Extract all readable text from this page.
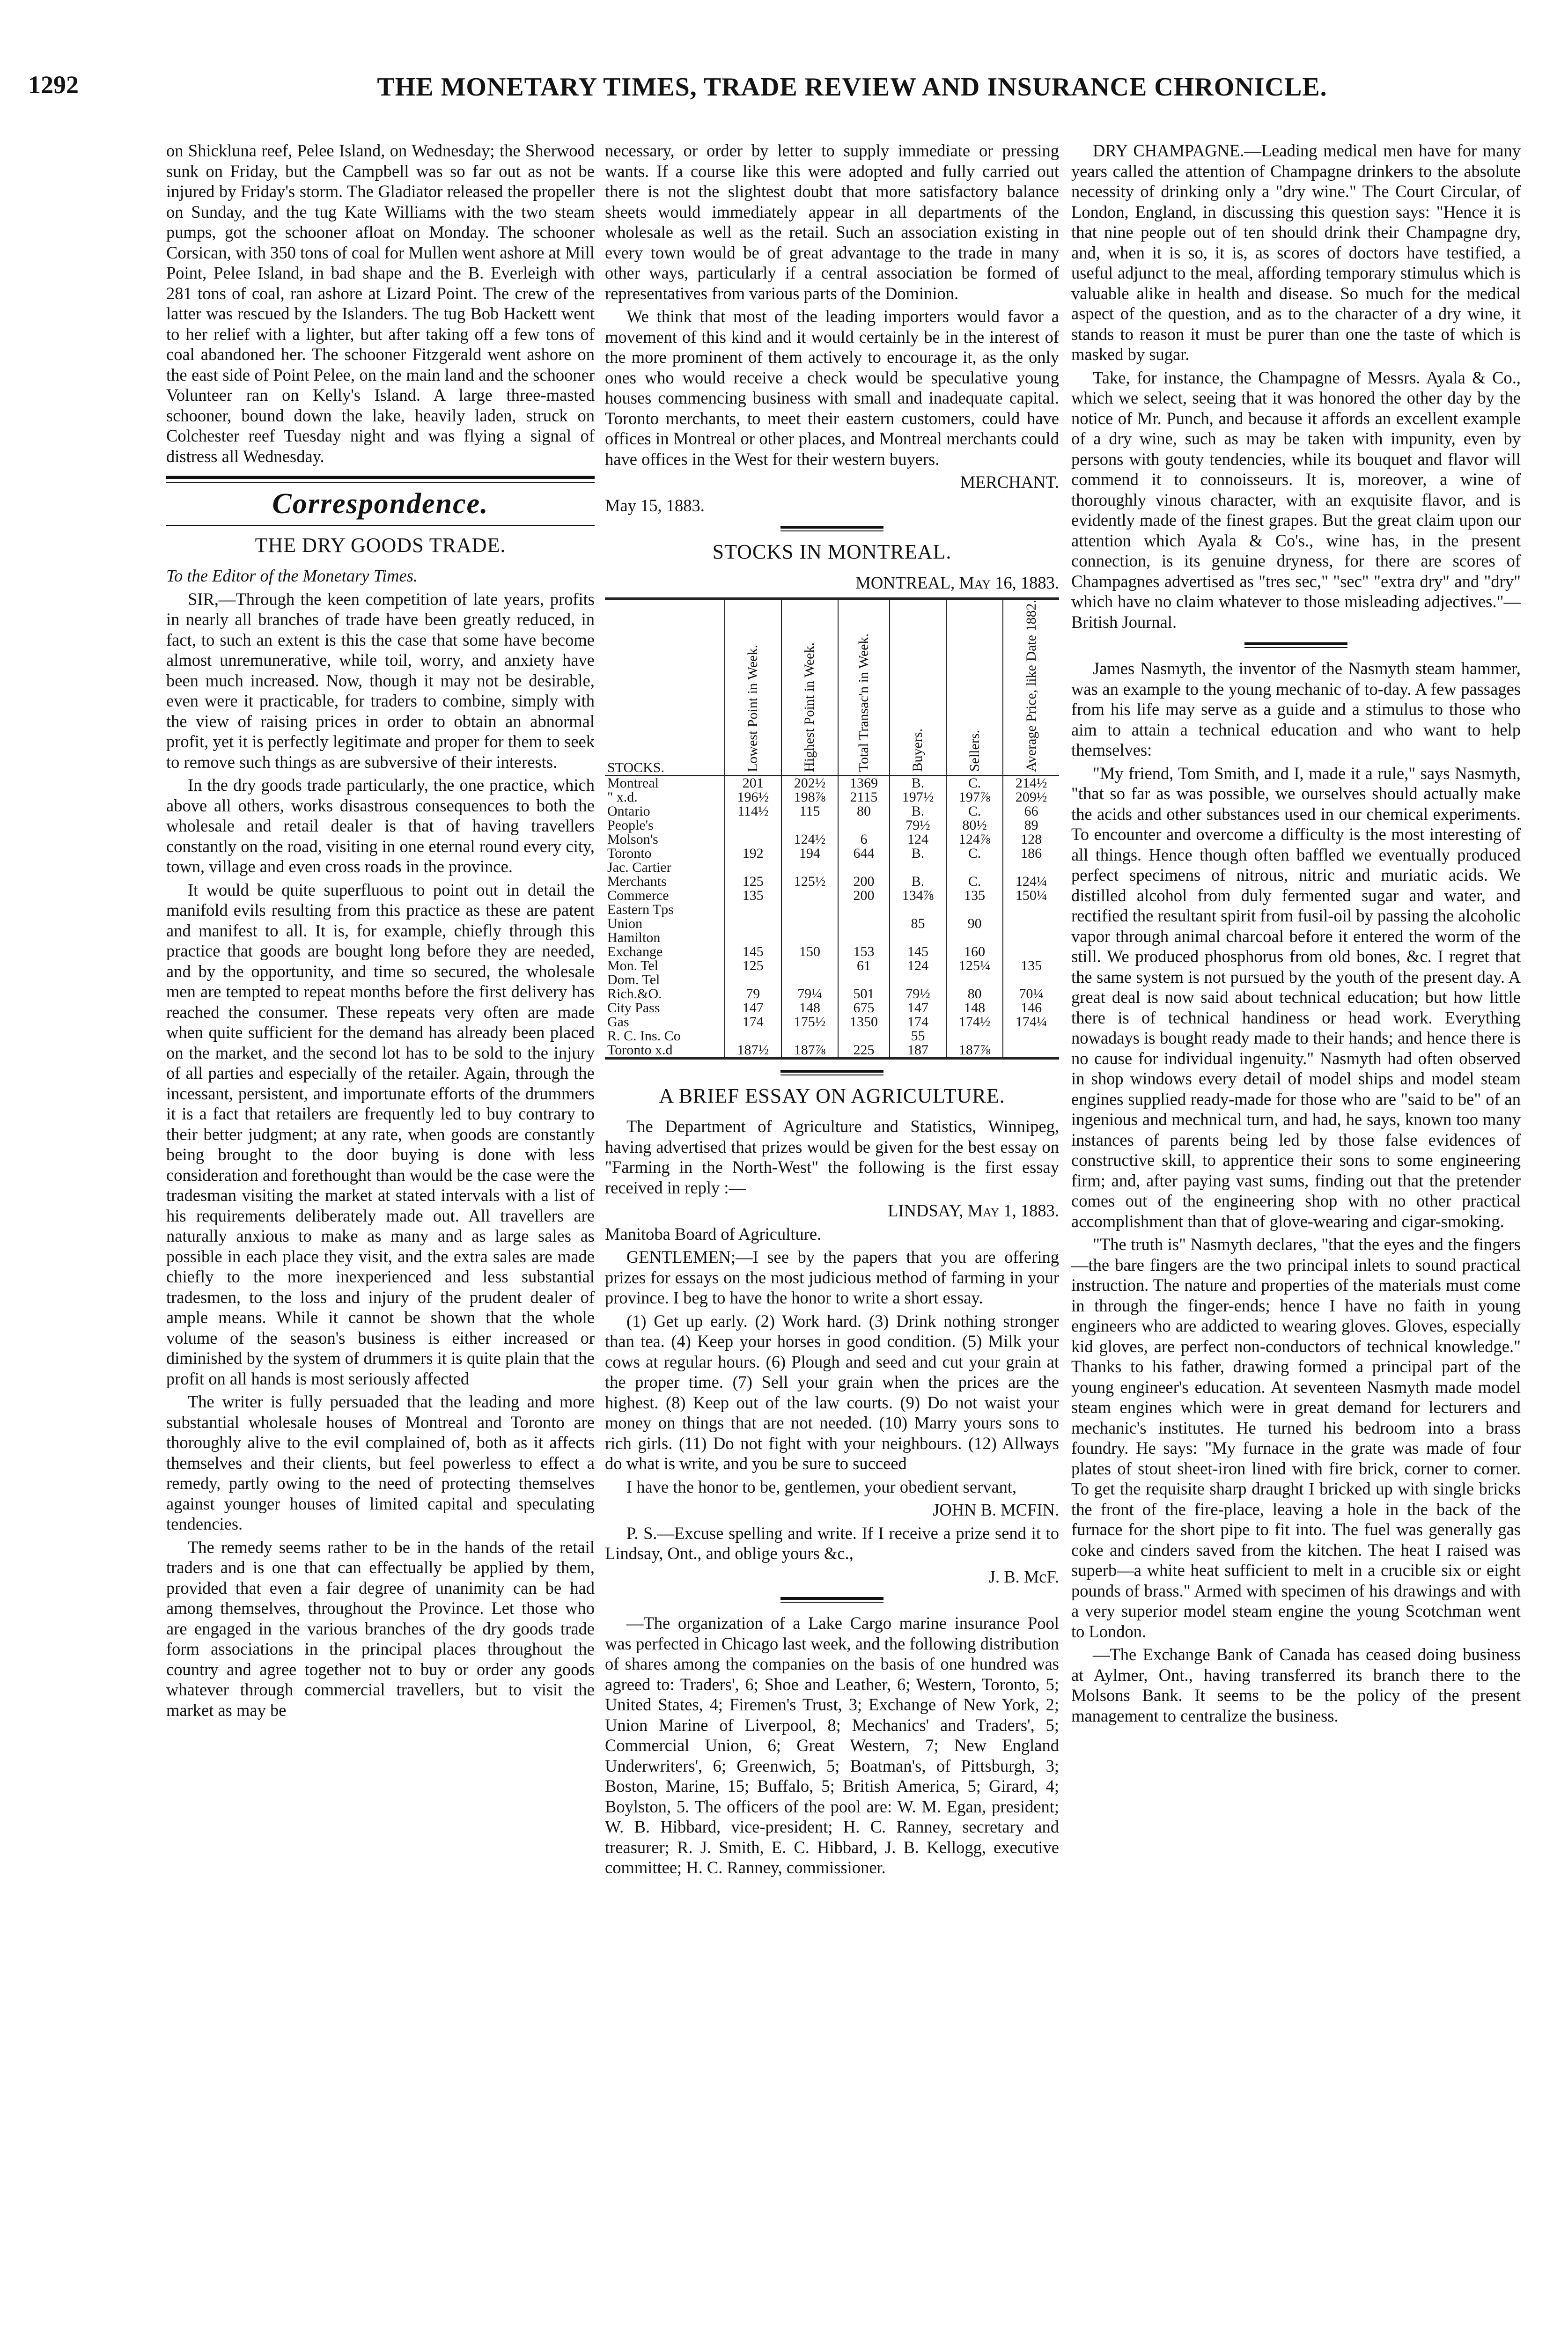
1292	THE MONETARY TIMES, TRADE REVIEW AND INSURANCE CHRONICLE.

on Shickluna reef, Pelee Island, on Wednesday; the Sherwood sunk on Friday, but the Campbell was so far out as not be injured by Friday's storm. The Gladiator released the propeller on Sunday, and the tug Kate Williams with the two steam pumps, got the schooner afloat on Monday. The schooner Corsican, with 350 tons of coal for Mullen went ashore at Mill Point, Pelee Island, in bad shape and the B. Everleigh with 281 tons of coal, ran ashore at Lizard Point. The crew of the latter was rescued by the Islanders. The tug Bob Hackett went to her relief with a lighter, but after taking off a few tons of coal abandoned her. The schooner Fitzgerald went ashore on the east side of Point Pelee, on the main land and the schooner Volunteer ran on Kelly's Island. A large three-masted schooner, bound down the lake, heavily laden, struck on Colchester reef Tuesday night and was flying a signal of distress all Wednesday.

Correspondence.
THE DRY GOODS TRADE.

To the Editor of the Monetary Times.

SIR,—Through the keen competition of late years, profits in nearly all branches of trade have been greatly reduced, in fact, to such an extent is this the case that some have become almost unremunerative, while toil, worry, and anxiety have been much increased. Now, though it may not be desirable, even were it practicable, for traders to combine, simply with the view of raising prices in order to obtain an abnormal profit, yet it is perfectly legitimate and proper for them to seek to remove such things as are subversive of their interests.

In the dry goods trade particularly, the one practice, which above all others, works disastrous consequences to both the wholesale and retail dealer is that of having travellers constantly on the road, visiting in one eternal round every city, town, village and even cross roads in the province.

It would be quite superfluous to point out in detail the manifold evils resulting from this practice as these are patent and manifest to all. It is, for example, chiefly through this practice that goods are bought long before they are needed, and by the opportunity, and time so secured, the wholesale men are tempted to repeat months before the first delivery has reached the consumer. These repeats very often are made when quite sufficient for the demand has already been placed on the market, and the second lot has to be sold to the injury of all parties and especially of the retailer. Again, through the incessant, persistent, and importunate efforts of the drummers it is a fact that retailers are frequently led to buy contrary to their better judgment; at any rate, when goods are constantly being brought to the door buying is done with less consideration and forethought than would be the case were the tradesman visiting the market at stated intervals with a list of his requirements deliberately made out. All travellers are naturally anxious to make as many and as large sales as possible in each place they visit, and the extra sales are made chiefly to the more inexperienced and less substantial tradesmen, to the loss and injury of the prudent dealer of ample means. While it cannot be shown that the whole volume of the season's business is either increased or diminished by the system of drummers it is quite plain that the profit on all hands is most seriously affected

The writer is fully persuaded that the leading and more substantial wholesale houses of Montreal and Toronto are thoroughly alive to the evil complained of, both as it affects themselves and their clients, but feel powerless to effect a remedy, partly owing to the need of protecting themselves against younger houses of limited capital and speculating tendencies.

The remedy seems rather to be in the hands of the retail traders and is one that can effectually be applied by them, provided that even a fair degree of unanimity can be had among themselves, throughout the Province. Let those who are engaged in the various branches of the dry goods trade form associations in the principal places throughout the country and agree together not to buy or order any goods whatever through commercial travellers, but to visit the market as may be

necessary, or order by letter to supply immediate or pressing wants. If a course like this were adopted and fully carried out there is not the slightest doubt that more satisfactory balance sheets would immediately appear in all departments of the wholesale as well as the retail. Such an association existing in every town would be of great advantage to the trade in many other ways, particularly if a central association be formed of representatives from various parts of the Dominion.

We think that most of the leading importers would favor a movement of this kind and it would certainly be in the interest of the more prominent of them actively to encourage it, as the only ones who would receive a check would be speculative young houses commencing business with small and inadequate capital. Toronto merchants, to meet their eastern customers, could have offices in Montreal or other places, and Montreal merchants could have offices in the West for their western buyers.

MERCHANT.

May 15, 1883.

STOCKS IN MONTREAL.

MONTREAL, May 16, 1883.

STOCKS.	Lowest Point in Week.	Highest Point in Week.	Total Transac'n in Week.	Buyers.	Sellers.	Average Price, like Date 1882.
Montreal	201	202½	1369	B.	C.	214½
" x.d.	196½	198⅞	2115	197½	197⅞	209½
Ontario	114½	115	80	B.	C.	66
People's				79½	80½	89
Molson's		124½	6	124	124⅞	128
Toronto	192	194	644	B.	C.	186
Jac. Cartier						
Merchants	125	125½	200	B.	C.	124¼
Commerce	135		200	134⅞	135	150¼
Eastern Tps						
Union				85	90	
Hamilton						
Exchange	145	150	153	145	160	
Mon. Tel	125		61	124	125¼	135
Dom. Tel						
Rich.&O.	79	79¼	501	79½	80	70¼
City Pass	147	148	675	147	148	146
Gas	174	175½	1350	174	174½	174¼
R. C. Ins. Co				55		
Toronto x.d	187½	187⅞	225	187	187⅞	
A BRIEF ESSAY ON AGRICULTURE.

The Department of Agriculture and Statistics, Winnipeg, having advertised that prizes would be given for the best essay on "Farming in the North-West" the following is the first essay received in reply :—

LINDSAY, May 1, 1883.

Manitoba Board of Agriculture.

GENTLEMEN;—I see by the papers that you are offering prizes for essays on the most judicious method of farming in your province. I beg to have the honor to write a short essay.

(1) Get up early. (2) Work hard. (3) Drink nothing stronger than tea. (4) Keep your horses in good condition. (5) Milk your cows at regular hours. (6) Plough and seed and cut your grain at the proper time. (7) Sell your grain when the prices are the highest. (8) Keep out of the law courts. (9) Do not waist your money on things that are not needed. (10) Marry yours sons to rich girls. (11) Do not fight with your neighbours. (12) Allways do what is write, and you be sure to succeed

I have the honor to be, gentlemen, your obedient servant,

JOHN B. MCFIN.

P. S.—Excuse spelling and write. If I receive a prize send it to Lindsay, Ont., and oblige yours &c.,

J. B. McF.

—The organization of a Lake Cargo marine insurance Pool was perfected in Chicago last week, and the following distribution of shares among the companies on the basis of one hundred was agreed to: Traders', 6; Shoe and Leather, 6; Western, Toronto, 5; United States, 4; Firemen's Trust, 3; Exchange of New York, 2; Union Marine of Liverpool, 8; Mechanics' and Traders', 5; Commercial Union, 6; Great Western, 7; New England Underwriters', 6; Greenwich, 5; Boatman's, of Pittsburgh, 3; Boston, Marine, 15; Buffalo, 5; British America, 5; Girard, 4; Boylston, 5. The officers of the pool are: W. M. Egan, president; W. B. Hibbard, vice-president; H. C. Ranney, secretary and treasurer; R. J. Smith, E. C. Hibbard, J. B. Kellogg, executive committee; H. C. Ranney, commissioner.

DRY CHAMPAGNE.—Leading medical men have for many years called the attention of Champagne drinkers to the absolute necessity of drinking only a "dry wine." The Court Circular, of London, England, in discussing this question says: "Hence it is that nine people out of ten should drink their Champagne dry, and, when it is so, it is, as scores of doctors have testified, a useful adjunct to the meal, affording temporary stimulus which is valuable alike in health and disease. So much for the medical aspect of the question, and as to the character of a dry wine, it stands to reason it must be purer than one the taste of which is masked by sugar.

Take, for instance, the Champagne of Messrs. Ayala & Co., which we select, seeing that it was honored the other day by the notice of Mr. Punch, and because it affords an excellent example of a dry wine, such as may be taken with impunity, even by persons with gouty tendencies, while its bouquet and flavor will commend it to connoisseurs. It is, moreover, a wine of thoroughly vinous character, with an exquisite flavor, and is evidently made of the finest grapes. But the great claim upon our attention which Ayala & Co's., wine has, in the present connection, is its genuine dryness, for there are scores of Champagnes advertised as "tres sec," "sec" "extra dry" and "dry" which have no claim whatever to those misleading adjectives."—British Journal.

James Nasmyth, the inventor of the Nasmyth steam hammer, was an example to the young mechanic of to-day. A few passages from his life may serve as a guide and a stimulus to those who aim to attain a technical education and who want to help themselves:

"My friend, Tom Smith, and I, made it a rule," says Nasmyth, "that so far as was possible, we ourselves should actually make the acids and other substances used in our chemical experiments. To encounter and overcome a difficulty is the most interesting of all things. Hence though often baffled we eventually produced perfect specimens of nitrous, nitric and muriatic acids. We distilled alcohol from duly fermented sugar and water, and rectified the resultant spirit from fusil-oil by passing the alcoholic vapor through animal charcoal before it entered the worm of the still. We produced phosphorus from old bones, &c. I regret that the same system is not pursued by the youth of the present day. A great deal is now said about technical education; but how little there is of technical handiness or head work. Everything nowadays is bought ready made to their hands; and hence there is no cause for individual ingenuity." Nasmyth had often observed in shop windows every detail of model ships and model steam engines supplied ready-made for those who are "said to be" of an ingenious and mechnical turn, and had, he says, known too many instances of parents being led by those false evidences of constructive skill, to apprentice their sons to some engineering firm; and, after paying vast sums, finding out that the pretender comes out of the engineering shop with no other practical accomplishment than that of glove-wearing and cigar-smoking.

"The truth is" Nasmyth declares, "that the eyes and the fingers—the bare fingers are the two principal inlets to sound practical instruction. The nature and properties of the materials must come in through the finger-ends; hence I have no faith in young engineers who are addicted to wearing gloves. Gloves, especially kid gloves, are perfect non-conductors of technical knowledge." Thanks to his father, drawing formed a principal part of the young engineer's education. At seventeen Nasmyth made model steam engines which were in great demand for lecturers and mechanic's institutes. He turned his bedroom into a brass foundry. He says: "My furnace in the grate was made of four plates of stout sheet-iron lined with fire brick, corner to corner. To get the requisite sharp draught I bricked up with single bricks the front of the fire-place, leaving a hole in the back of the furnace for the short pipe to fit into. The fuel was generally gas coke and cinders saved from the kitchen. The heat I raised was superb—a white heat sufficient to melt in a crucible six or eight pounds of brass." Armed with specimen of his drawings and with a very superior model steam engine the young Scotchman went to London.

—The Exchange Bank of Canada has ceased doing business at Aylmer, Ont., having transferred its branch there to the Molsons Bank. It seems to be the policy of the present management to centralize the business.
